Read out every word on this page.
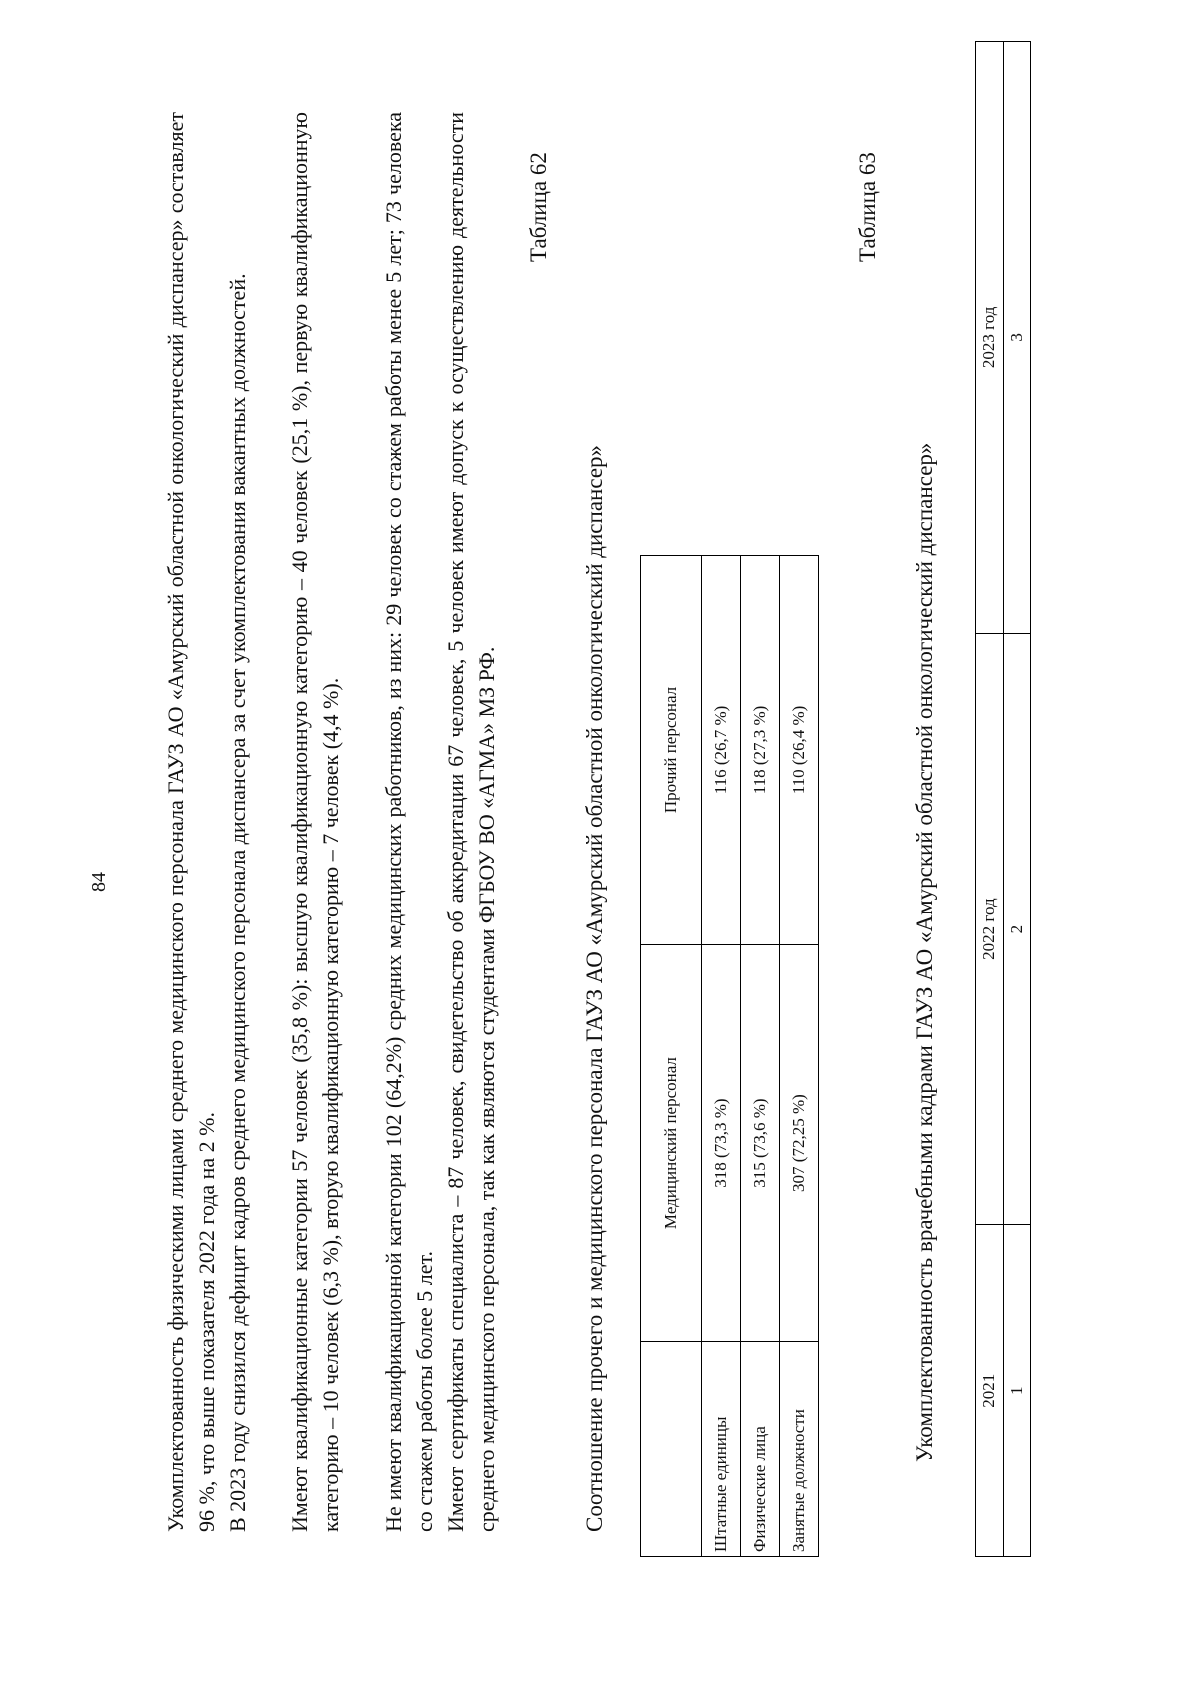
84 Укомплектованность физическими лицами среднего медицинского персонала ГАУЗ АО «Амурский областной онкологический диспансер» составляет 96 %, что выше показателя 2022 года на 2 %. В 2023 году снизился дефицит кадров среднего медицинского персонала диспансера за счет укомплектования вакантных должностей. Имеют квалификационные категории 57 человек (35,8 %): высшую квалификационную категорию – 40 человек (25,1 %), первую квалификационную категорию – 10 человек (6,3 %), вторую квалификационную категорию – 7 человек (4,4 %). Не имеют квалификационной категории 102 (64,2%) средних медицинских работников, из них: 29 человек со стажем работы менее 5 лет; 73 человека со стажем работы более 5 лет. Имеют сертификаты специалиста – 87 человек, свидетельство об аккредитации 67 человек, 5 человек имеют допуск к осуществлению деятельности среднего медицинского персонала, так как являются студентами ФГБОУ ВО «АГМА» МЗ РФ.

Таблица 62
Соотношение прочего и медицинского персонала ГАУЗ АО «Амурский областной онкологический диспансер»
		Медицинский персонал	Прочий персонал
Штатные единицы	318 (73,3 %)	116 (26,7 %)
Физические лица	315 (73,6 %)	118 (27,3 %)
Занятые должности	307 (72,25 %)	110 (26,4 %)
Таблица 63
Укомплектованность врачебными кадрами ГАУЗ АО «Амурский областной онкологический диспансер» 2021	2022 год	2023 год
1	2	3
